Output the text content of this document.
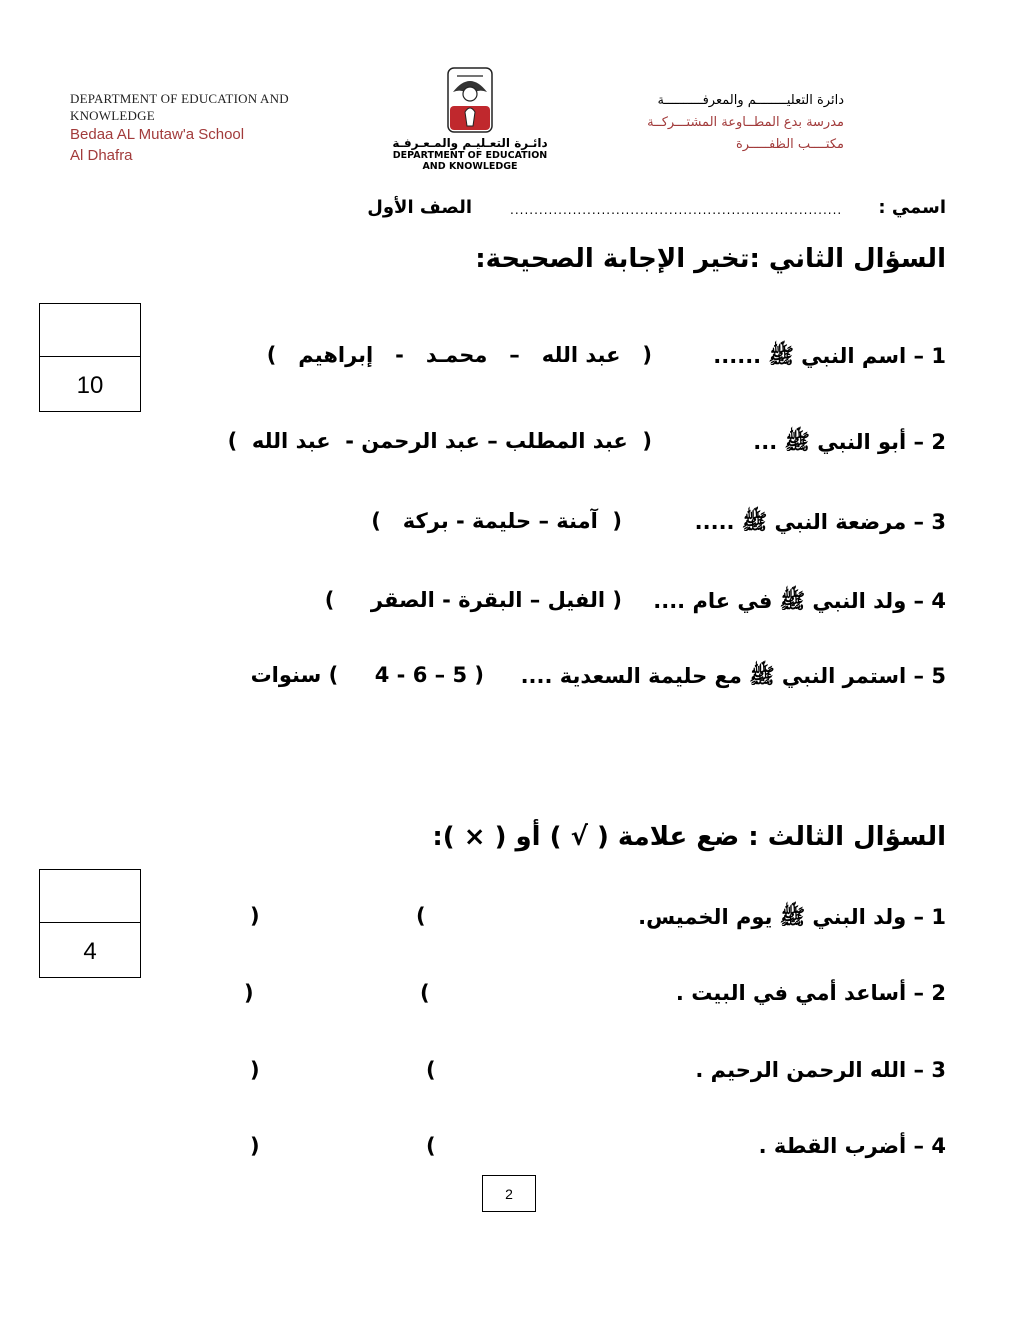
DEPARTMENT OF EDUCATION AND
KNOWLEDGE
Bedaa AL Mutaw'a School
Al Dhafra
دائـرة التعـليـم والمـعـرفـة
DEPARTMENT OF EDUCATION
AND KNOWLEDGE
دائرة التعليــــــــم والمعرفــــــــــة
مدرسة بدع المطــاوعة المشتـــركــة
مكتــــب الظفـــــرة
اسمي :
.....................................................................
الصف الأول
السؤال الثاني :تخير الإجابة الصحيحة:
10
1 – اسم النبي ﷺ ......
(   عبد الله   –   محمـد   -   إبراهيم   )
2 – أبو النبي ﷺ ...
(  عبد المطلب – عبد الرحمن -  عبد الله  )
3 – مرضعة النبي ﷺ .....
(  آمنة – حليمة - بركة   )
4 – ولد النبي ﷺ في عام ....
( الفيل – البقرة - الصقر     )
5 – استمر النبي ﷺ مع حليمة السعدية ....
( 5 – 6 - 4     ) سنوات
السؤال الثالث : ضع علامة ( √ ) أو ( × ):
4
1 – ولد البني ﷺ يوم الخميس.
(
)
2 – أساعد أمي في البيت .
(
)
3 – الله الرحمن الرحيم .
(
)
4 – أضرب القطة .
(
)
2
